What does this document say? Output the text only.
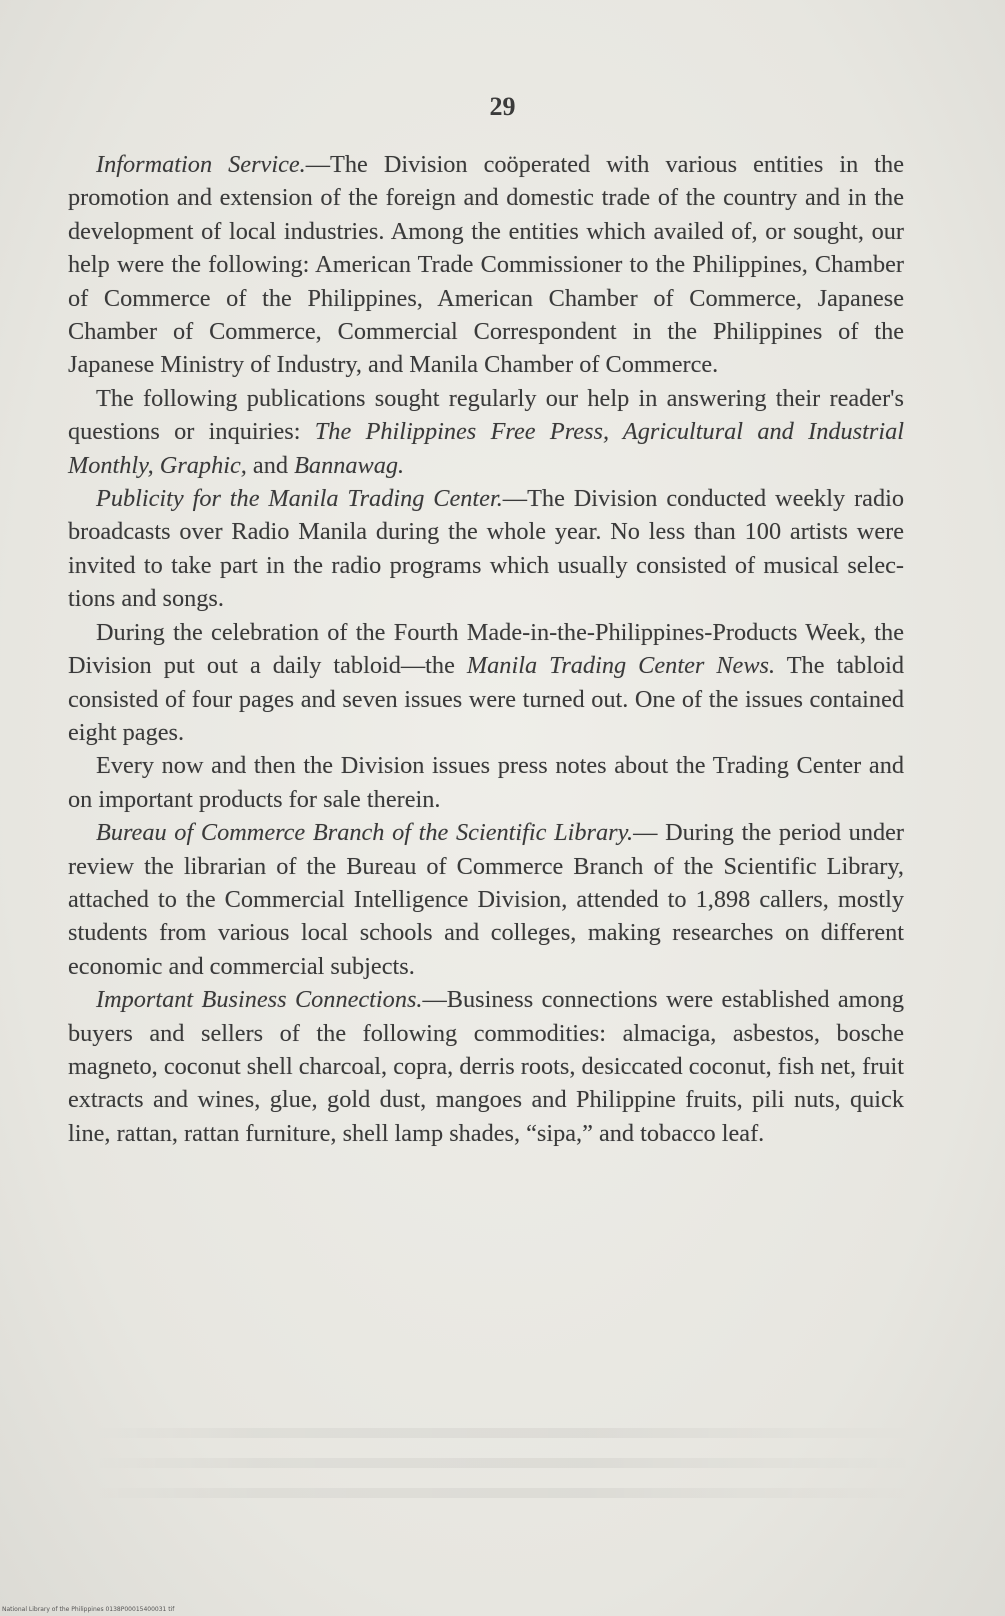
29

Information Service.—The Division coöperated with various entities in the promotion and extension of the foreign and domestic trade of the country and in the development of local industries. Among the entities which availed of, or sought, our help were the following: American Trade Commissioner to the Philippines, Chamber of Commerce of the Philippines, American Chamber of Commerce, Japanese Chamber of Commerce, Commercial Correspondent in the Philippines of the Japanese Ministry of Industry, and Manila Chamber of Commerce.

The following publications sought regularly our help in answering their reader's questions or inquiries: The Philippines Free Press, Agricultural and Industrial Monthly, Graphic, and Bannawag.

Publicity for the Manila Trading Center.—The Division conducted weekly radio broadcasts over Radio Manila during the whole year. No less than 100 artists were invited to take part in the radio programs which usually consisted of musical selections and songs.

During the celebration of the Fourth Made-in-the-Philippines-Products Week, the Division put out a daily tabloid—the Manila Trading Center News. The tabloid consisted of four pages and seven issues were turned out. One of the issues contained eight pages.

Every now and then the Division issues press notes about the Trading Center and on important products for sale therein.

Bureau of Commerce Branch of the Scientific Library.— During the period under review the librarian of the Bureau of Commerce Branch of the Scientific Library, attached to the Commercial Intelligence Division, attended to 1,898 callers, mostly students from various local schools and colleges, making researches on different economic and commercial subjects.

Important Business Connections.—Business connections were established among buyers and sellers of the following commodities: almaciga, asbestos, bosche magneto, coconut shell charcoal, copra, derris roots, desiccated coconut, fish net, fruit extracts and wines, glue, gold dust, mangoes and Philippine fruits, pili nuts, quick line, rattan, rattan furniture, shell lamp shades, “sipa,” and tobacco leaf.

National Library of the Philippines 0138P00015400031 tif
